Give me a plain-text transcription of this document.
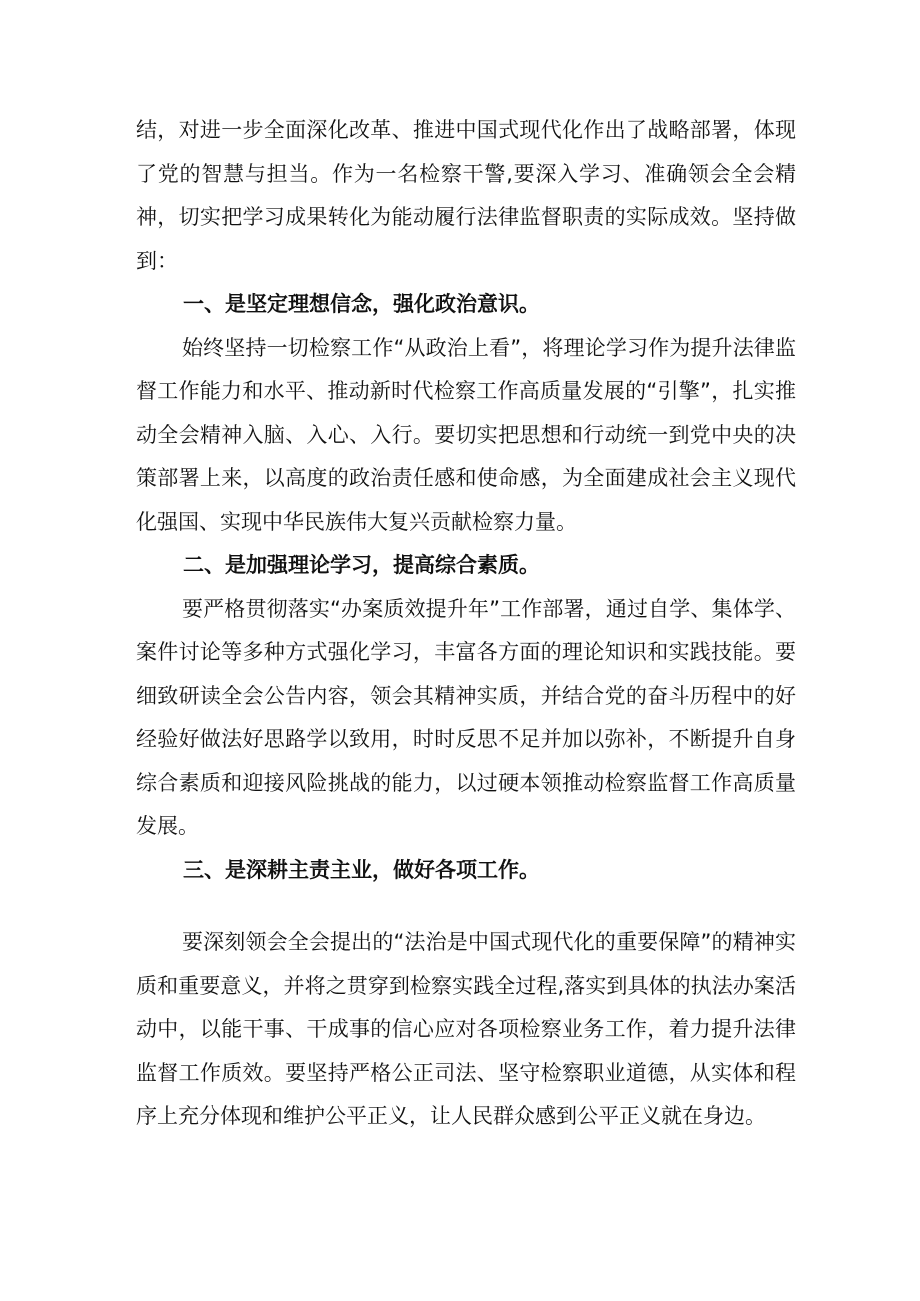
结，对进一步全面深化改革、推进中国式现代化作出了战略部署，体现了党的智慧与担当。作为一名检察干警,要深入学习、准确领会全会精神，切实把学习成果转化为能动履行法律监督职责的实际成效。坚持做到：

一、是坚定理想信念，强化政治意识。

始终坚持一切检察工作“从政治上看”，将理论学习作为提升法律监督工作能力和水平、推动新时代检察工作高质量发展的“引擎”，扎实推动全会精神入脑、入心、入行。要切实把思想和行动统一到党中央的决策部署上来，以高度的政治责任感和使命感，为全面建成社会主义现代化强国、实现中华民族伟大复兴贡献检察力量。

二、是加强理论学习，提高综合素质。

要严格贯彻落实“办案质效提升年”工作部署，通过自学、集体学、案件讨论等多种方式强化学习，丰富各方面的理论知识和实践技能。要细致研读全会公告内容，领会其精神实质，并结合党的奋斗历程中的好经验好做法好思路学以致用，时时反思不足并加以弥补，不断提升自身综合素质和迎接风险挑战的能力，以过硬本领推动检察监督工作高质量发展。

三、是深耕主责主业，做好各项工作。

要深刻领会全会提出的“法治是中国式现代化的重要保障”的精神实质和重要意义，并将之贯穿到检察实践全过程,落实到具体的执法办案活动中，以能干事、干成事的信心应对各项检察业务工作，着力提升法律监督工作质效。要坚持严格公正司法、坚守检察职业道德，从实体和程序上充分体现和维护公平正义，让人民群众感到公平正义就在身边。
